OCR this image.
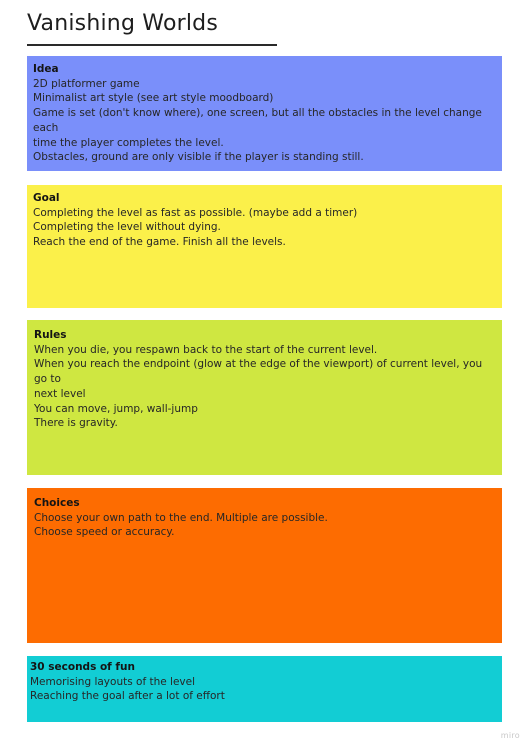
Vanishing Worlds
Idea
2D platformer game
Minimalist art style (see art style moodboard)
Game is set (don't know where), one screen, but all the obstacles in the level change each
time the player completes the level.
Obstacles, ground are only visible if the player is standing still.
Goal
Completing the level as fast as possible. (maybe add a timer)
Completing the level without dying.
Reach the end of the game. Finish all the levels.
Rules
When you die, you respawn back to the start of the current level.
When you reach the endpoint (glow at the edge of the viewport) of current level, you go to
next level
You can move, jump, wall-jump
There is gravity.
Choices
Choose your own path to the end. Multiple are possible.
Choose speed or accuracy.
30 seconds of fun
Memorising layouts of the level
Reaching the goal after a lot of effort
miro
